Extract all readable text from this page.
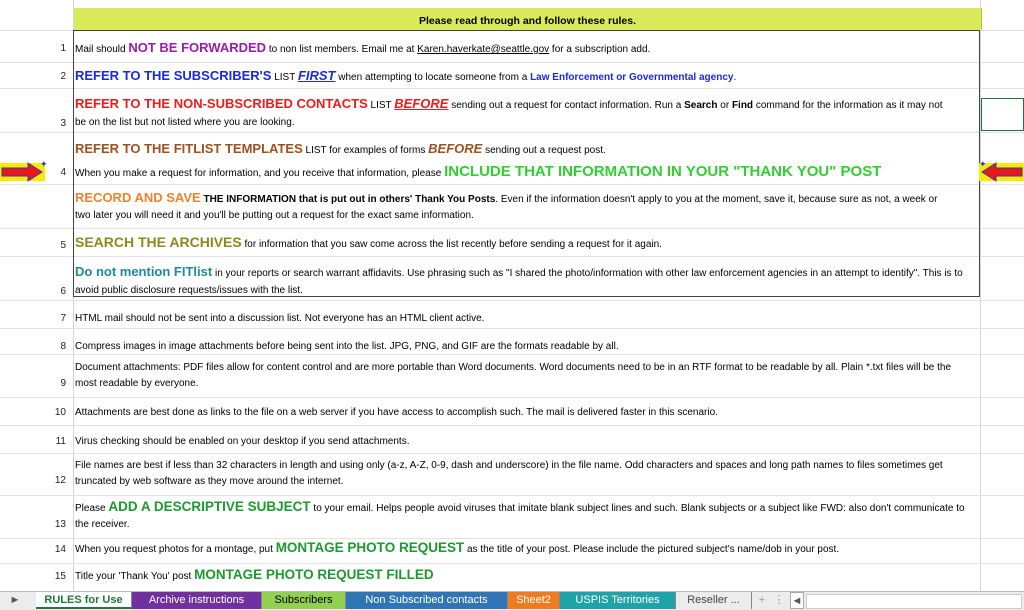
Please read through and follow these rules.
1 Mail should NOT BE FORWARDED to non list members. Email me at Karen.haverkate@seattle.gov for a subscription add.
2 REFER TO THE SUBSCRIBER'S LIST FIRST when attempting to locate someone from a Law Enforcement or Governmental agency.
3
REFER TO THE NON-SUBSCRIBED CONTACTS LIST BEFORE sending out a request for contact information. Run a Search or Find command for the information as it may not
be on the list but not listed where you are looking.
4
REFER TO THE FITLIST TEMPLATES LIST for examples of forms BEFORE sending out a request post.
When you make a request for information, and you receive that information, please INCLUDE THAT INFORMATION IN YOUR "THANK YOU" POST
RECORD AND SAVE THE INFORMATION that is put out in others' Thank You Posts. Even if the information doesn't apply to you at the moment, save it, because sure as not, a week or
two later you will need it and you'll be putting out a request for the exact same information.
5 SEARCH THE ARCHIVES for information that you saw come across the list recently before sending a request for it again.
6
Do not mention FITlist in your reports or search warrant affidavits. Use phrasing such as "I shared the photo/information with other law enforcement agencies in an attempt to identify". This is to
avoid public disclosure requests/issues with the list.
7 HTML mail should not be sent into a discussion list. Not everyone has an HTML client active.
8 Compress images in image attachments before being sent into the list. JPG, PNG, and GIF are the formats readable by all.
9
Document attachments: PDF files allow for content control and are more portable than Word documents. Word documents need to be in an RTF format to be readable by all. Plain *.txt files will be the
most readable by everyone.
10 Attachments are best done as links to the file on a web server if you have access to accomplish such. The mail is delivered faster in this scenario.
11 Virus checking should be enabled on your desktop if you send attachments.
12
File names are best if less than 32 characters in length and using only (a-z, A-Z, 0-9, dash and underscore) in the file name. Odd characters and spaces and long path names to files sometimes get
truncated by web software as they move around the internet.
13
Please ADD A DESCRIPTIVE SUBJECT to your email. Helps people avoid viruses that imitate blank subject lines and such. Blank subjects or a subject like FWD: also don't communicate to
the receiver.
14 When you request photos for a montage, put MONTAGE PHOTO REQUEST as the title of your post. Please include the pictured subject's name/dob in your post.
15 Title your 'Thank You' post MONTAGE PHOTO REQUEST FILLED
✦	✦
►	RULES for Use	Archive instructions	Subscribers	Non Subscribed contacts	Sheet2	USPIS Territories	Reseller ...	+ ⋮ ◄
